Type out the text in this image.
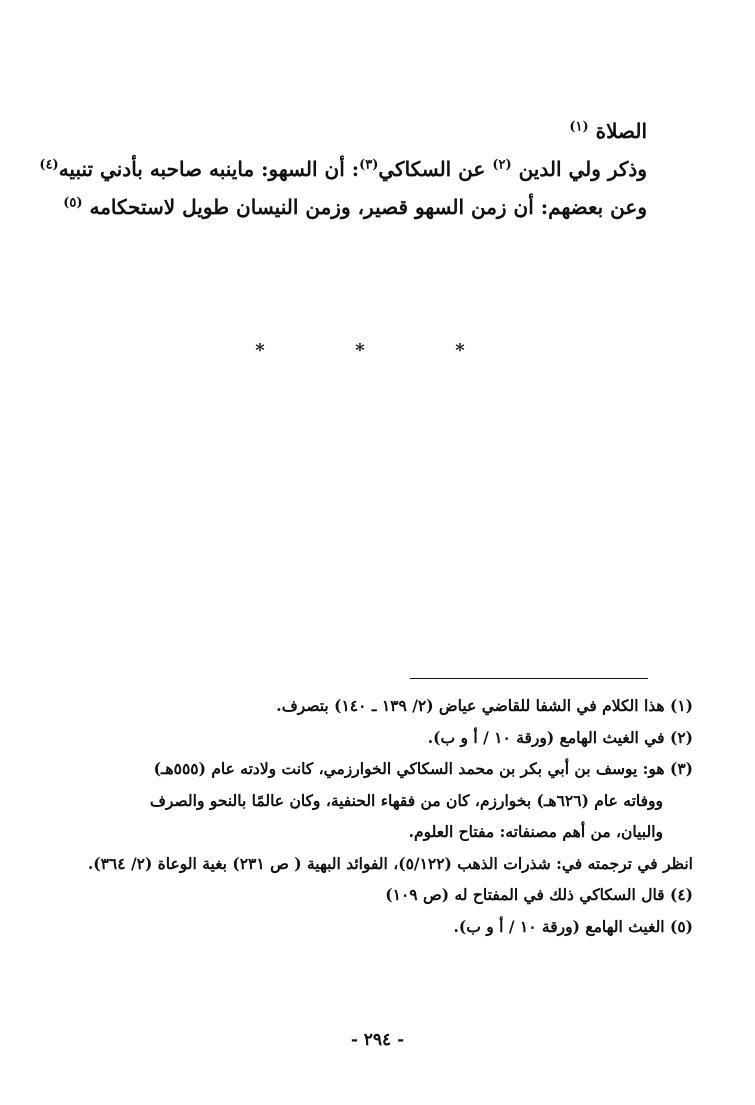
الصلاة $^{(١)}$
وذكر ولي الدين $^{(٢)}$ عن السكاكي$^{(٣)}$: أن السهو: ماينبه صاحبه بأدني تنبيه$^{(٤)}$
وعن بعضهم: أن زمن السهو قصير، وزمن النيسان طويل لاستحكامه $^{(٥)}$
*	*	*
(١) هذا الكلام في الشفا للقاضي عياض (٢/ ١٣٩ ـ ١٤٠) بتصرف.
(٢) في الغيث الهامع (ورقة ١٠ / أ و ب).
(٣) هو: يوسف بن أبي بكر بن محمد السكاكي الخوارزمي، كانت ولادته عام (٥٥٥هـ)
ووفاته عام (٦٢٦هـ) بخوارزم، كان من فقهاء الحنفية، وكان عالمًا بالنحو والصرف
والبيان، من أهم مصنفاته: مفتاح العلوم.
انظر في ترجمته في: شذرات الذهب (٥/١٢٢)، الفوائد البهية ( ص ٢٣١) بغية الوعاة (٢/ ٣٦٤).
(٤) قال السكاكي ذلك في المفتاح له (ص ١٠٩)
(٥) الغيث الهامع (ورقة ١٠ / أ و ب).
- ٢٩٤ -
